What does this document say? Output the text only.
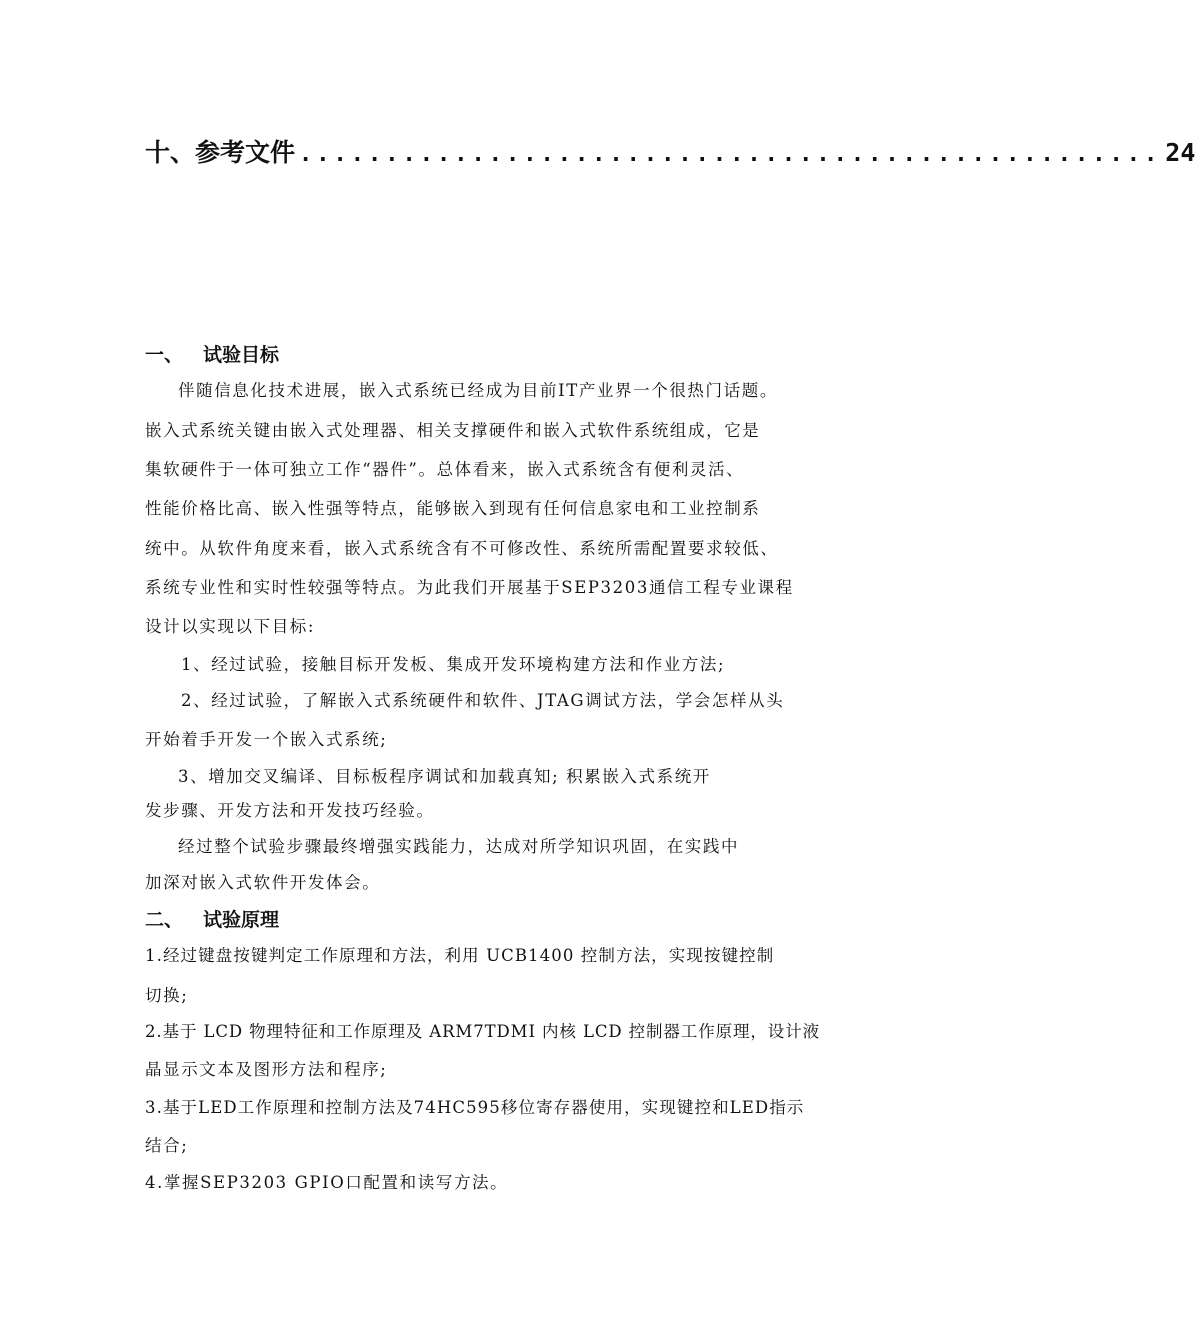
十、参考文件 .................................................. 24
一、 试验目标
伴随信息化技术进展，嵌入式系统已经成为目前IT产业界一个很热门话题。
嵌入式系统关键由嵌入式处理器、相关支撑硬件和嵌入式软件系统组成，它是
集软硬件于一体可独立工作“器件”。总体看来，嵌入式系统含有便利灵活、
性能价格比高、嵌入性强等特点，能够嵌入到现有任何信息家电和工业控制系
统中。从软件角度来看，嵌入式系统含有不可修改性、系统所需配置要求较低、
系统专业性和实时性较强等特点。为此我们开展基于SEP3203通信工程专业课程
设计以实现以下目标:
1、经过试验，接触目标开发板、集成开发环境构建方法和作业方法;
2、经过试验，了解嵌入式系统硬件和软件、JTAG调试方法，学会怎样从头
开始着手开发一个嵌入式系统;
3、增加交叉编译、目标板程序调试和加载真知; 积累嵌入式系统开
发步骤、开发方法和开发技巧经验。
经过整个试验步骤最终增强实践能力，达成对所学知识巩固，在实践中
加深对嵌入式软件开发体会。
二、 试验原理
1.经过键盘按键判定工作原理和方法，利用 UCB1400 控制方法，实现按键控制
切换;
2.基于 LCD 物理特征和工作原理及 ARM7TDMI 内核 LCD 控制器工作原理，设计液
晶显示文本及图形方法和程序;
3.基于LED工作原理和控制方法及74HC595移位寄存器使用，实现键控和LED指示
结合;
4.掌握SEP3203 GPIO口配置和读写方法。
